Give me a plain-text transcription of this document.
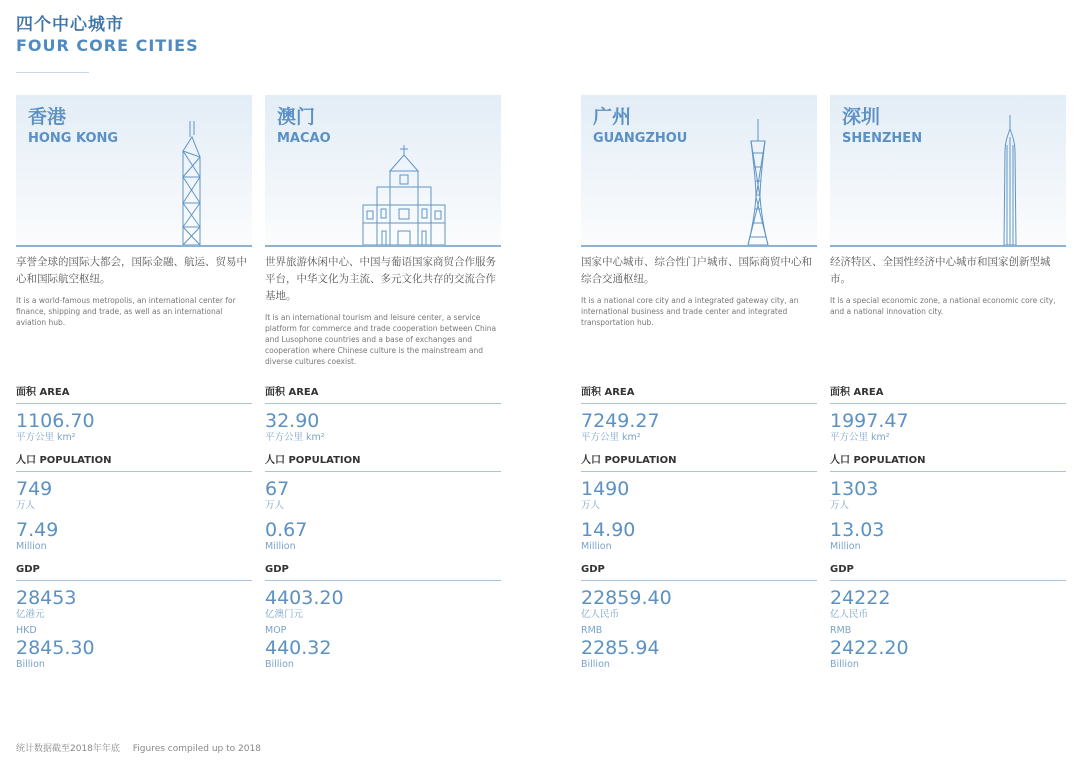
四个中心城市
FOUR CORE CITIES
香港
HONG KONG
享誉全球的国际大都会，国际金融、航运、贸易中心和国际航空枢纽。
It is a world-famous metropolis, an international center for finance, shipping and trade, as well as an international aviation hub.
面积 AREA
1106.70
平方公里 km²
人口 POPULATION
749
万人
7.49
Million
GDP
28453
亿港元
HKD
2845.30
Billion
澳门
MACAO
世界旅游休闲中心、中国与葡语国家商贸合作服务平台，中华文化为主流、多元文化共存的交流合作基地。
It is an international tourism and leisure center, a service platform for commerce and trade cooperation between China and Lusophone countries and a base of exchanges and cooperation where Chinese culture is the mainstream and diverse cultures coexist.
面积 AREA
32.90
平方公里 km²
人口 POPULATION
67
万人
0.67
Million
GDP
4403.20
亿澳门元
MOP
440.32
Billion
广州
GUANGZHOU
国家中心城市、综合性门户城市、国际商贸中心和综合交通枢纽。
It is a national core city and a integrated gateway city, an international business and trade center and integrated transportation hub.
面积 AREA
7249.27
平方公里 km²
人口 POPULATION
1490
万人
14.90
Million
GDP
22859.40
亿人民币
RMB
2285.94
Billion
深圳
SHENZHEN
经济特区、全国性经济中心城市和国家创新型城市。
It is a special economic zone, a national economic core city, and a national innovation city.
面积 AREA
1997.47
平方公里 km²
人口 POPULATION
1303
万人
13.03
Million
GDP
24222
亿人民币
RMB
2422.20
Billion
统计数据截至2018年年底 Figures compiled up to 2018
